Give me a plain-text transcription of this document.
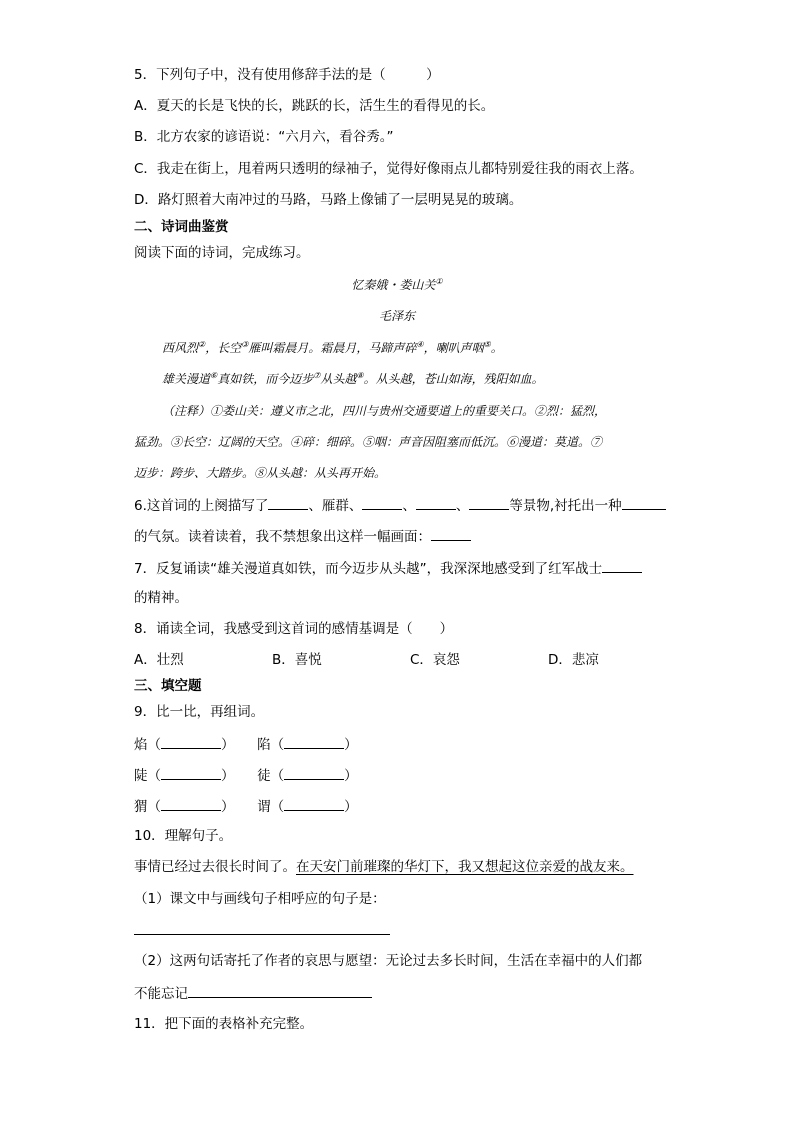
5．下列句子中，没有使用修辞手法的是（　　　）
A．夏天的长是飞快的长，跳跃的长，活生生的看得见的长。
B．北方农家的谚语说：“六月六，看谷秀。”
C．我走在街上，甩着两只透明的绿袖子，觉得好像雨点儿都特别爱往我的雨衣上落。
D．路灯照着大南冲过的马路，马路上像铺了一层明晃晃的玻璃。
二、诗词曲鉴赏
阅读下面的诗词，完成练习。
忆秦娥・娄山关①
毛泽东
西风烈②，长空③雁叫霜晨月。霜晨月，马蹄声碎④，喇叭声咽⑤。
雄关漫道⑥真如铁，而今迈步⑦从头越⑧。从头越，苍山如海，残阳如血。
（注释）①娄山关：遵义市之北，四川与贵州交通要道上的重要关口。②烈：猛烈，
猛劲。③长空：辽阔的天空。④碎：细碎。⑤咽：声音因阻塞而低沉。⑥漫道：莫道。⑦
迈步：跨步、大踏步。⑧从头越：从头再开始。
6.这首词的上阕描写了	、雁群、	、	、	等景物,衬托出一种
的气氛。读着读着，我不禁想象出这样一幅画面：
7．反复诵读“雄关漫道真如铁，而今迈步从头越”，我深深地感受到了红军战士
的精神。
8．诵读全词，我感受到这首词的感情基调是（　　）
A．壮烈	B．喜悦	C．哀怨	D．悲凉
三、填空题
9．比一比，再组词。
焰（	）  陷（	）
陡（	）  徒（	）
猬（	）  谓（	）
10．理解句子。
事情已经过去很长时间了。在天安门前璀璨的华灯下，我又想起这位亲爱的战友来。
（1）课文中与画线句子相呼应的句子是：
（2）这两句话寄托了作者的哀思与愿望：无论过去多长时间，生活在幸福中的人们都
不能忘记
11．把下面的表格补充完整。
